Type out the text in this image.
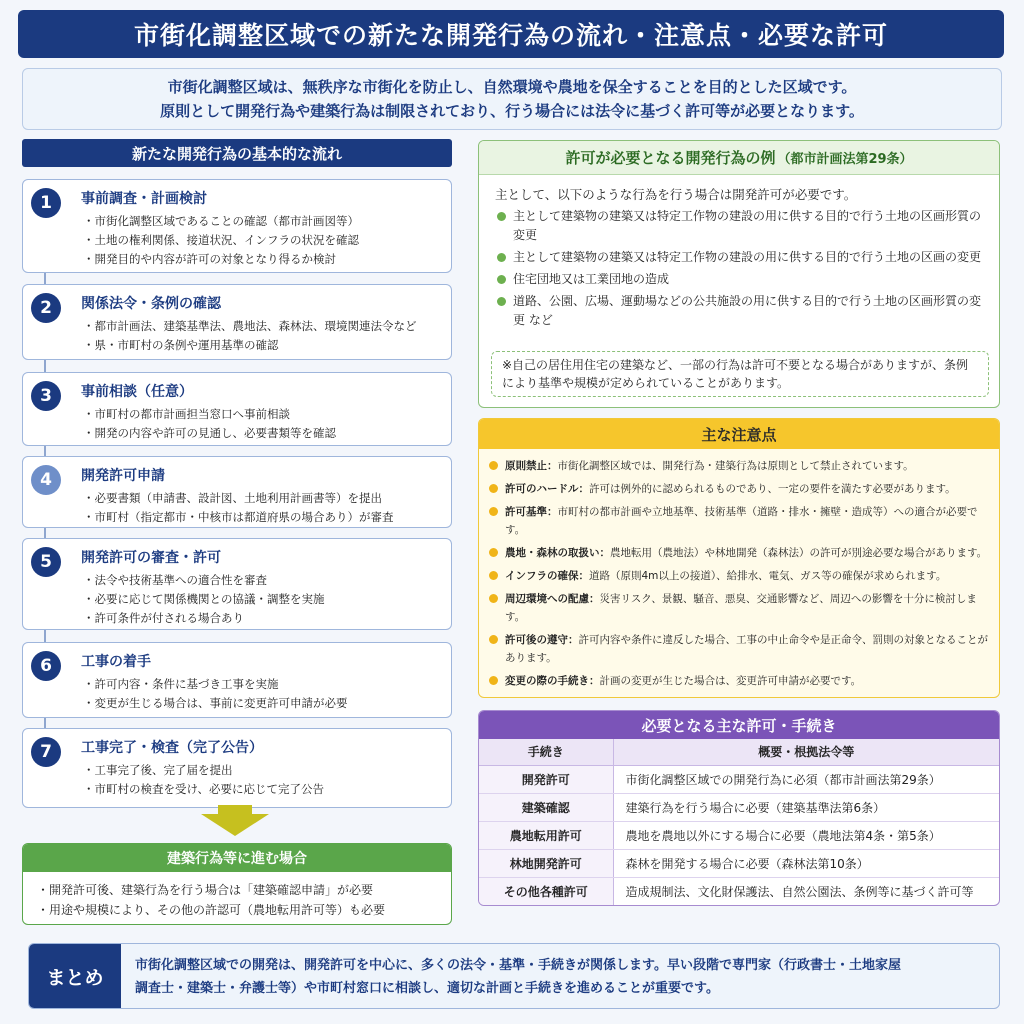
市街化調整区域での新たな開発行為の流れ・注意点・必要な許可
市街化調整区域は、無秩序な市街化を防止し、自然環境や農地を保全することを目的とした区域です。
原則として開発行為や建築行為は制限されており、行う場合には法令に基づく許可等が必要となります。
新たな開発行為の基本的な流れ
1	事前調査・計画検討
・市街化調整区域であることの確認（都市計画図等）
・土地の権利関係、接道状況、インフラの状況を確認
・開発目的や内容が許可の対象となり得るか検討
2	関係法令・条例の確認
・都市計画法、建築基準法、農地法、森林法、環境関連法令など
・県・市町村の条例や運用基準の確認
3	事前相談（任意）
・市町村の都市計画担当窓口へ事前相談
・開発の内容や許可の見通し、必要書類等を確認
4	開発許可申請
・必要書類（申請書、設計図、土地利用計画書等）を提出
・市町村（指定都市・中核市は都道府県の場合あり）が審査
5	開発許可の審査・許可
・法令や技術基準への適合性を審査
・必要に応じて関係機関との協議・調整を実施
・許可条件が付される場合あり
6	工事の着手
・許可内容・条件に基づき工事を実施
・変更が生じる場合は、事前に変更許可申請が必要
7	工事完了・検査（完了公告）
・工事完了後、完了届を提出
・市町村の検査を受け、必要に応じて完了公告
建築行為等に進む場合
・開発許可後、建築行為を行う場合は「建築確認申請」が必要
・用途や規模により、その他の許認可（農地転用許可等）も必要
許可が必要となる開発行為の例 （都市計画法第29条）
主として、以下のような行為を行う場合は開発許可が必要です。
主として建築物の建築又は特定工作物の建設の用に供する目的で行う土地の区画形質の変更
主として建築物の建築又は特定工作物の建設の用に供する目的で行う土地の区画の変更
住宅団地又は工業団地の造成
道路、公園、広場、運動場などの公共施設の用に供する目的で行う土地の区画形質の変更 など
※自己の居住用住宅の建築など、一部の行為は許可不要となる場合がありますが、条例により基準や規模が定められていることがあります。
主な注意点
原則禁止：市街化調整区域では、開発行為・建築行為は原則として禁止されています。
許可のハードル：許可は例外的に認められるものであり、一定の要件を満たす必要があります。
許可基準：市町村の都市計画や立地基準、技術基準（道路・排水・擁壁・造成等）への適合が必要です。
農地・森林の取扱い：農地転用（農地法）や林地開発（森林法）の許可が別途必要な場合があります。
インフラの確保：道路（原則4m以上の接道）、給排水、電気、ガス等の確保が求められます。
周辺環境への配慮：災害リスク、景観、騒音、悪臭、交通影響など、周辺への影響を十分に検討します。
許可後の遵守：許可内容や条件に違反した場合、工事の中止命令や是正命令、罰則の対象となることがあります。
変更の際の手続き：計画の変更が生じた場合は、変更許可申請が必要です。
必要となる主な許可・手続き
手続き	概要・根拠法令等
開発許可	市街化調整区域での開発行為に必須（都市計画法第29条）
建築確認	建築行為を行う場合に必要（建築基準法第6条）
農地転用許可	農地を農地以外にする場合に必要（農地法第4条・第5条）
林地開発許可	森林を開発する場合に必要（森林法第10条）
その他各種許可	造成規制法、文化財保護法、自然公園法、条例等に基づく許可等
まとめ
市街化調整区域での開発は、開発許可を中心に、多くの法令・基準・手続きが関係します。早い段階で専門家（行政書士・土地家屋
調査士・建築士・弁護士等）や市町村窓口に相談し、適切な計画と手続きを進めることが重要です。
